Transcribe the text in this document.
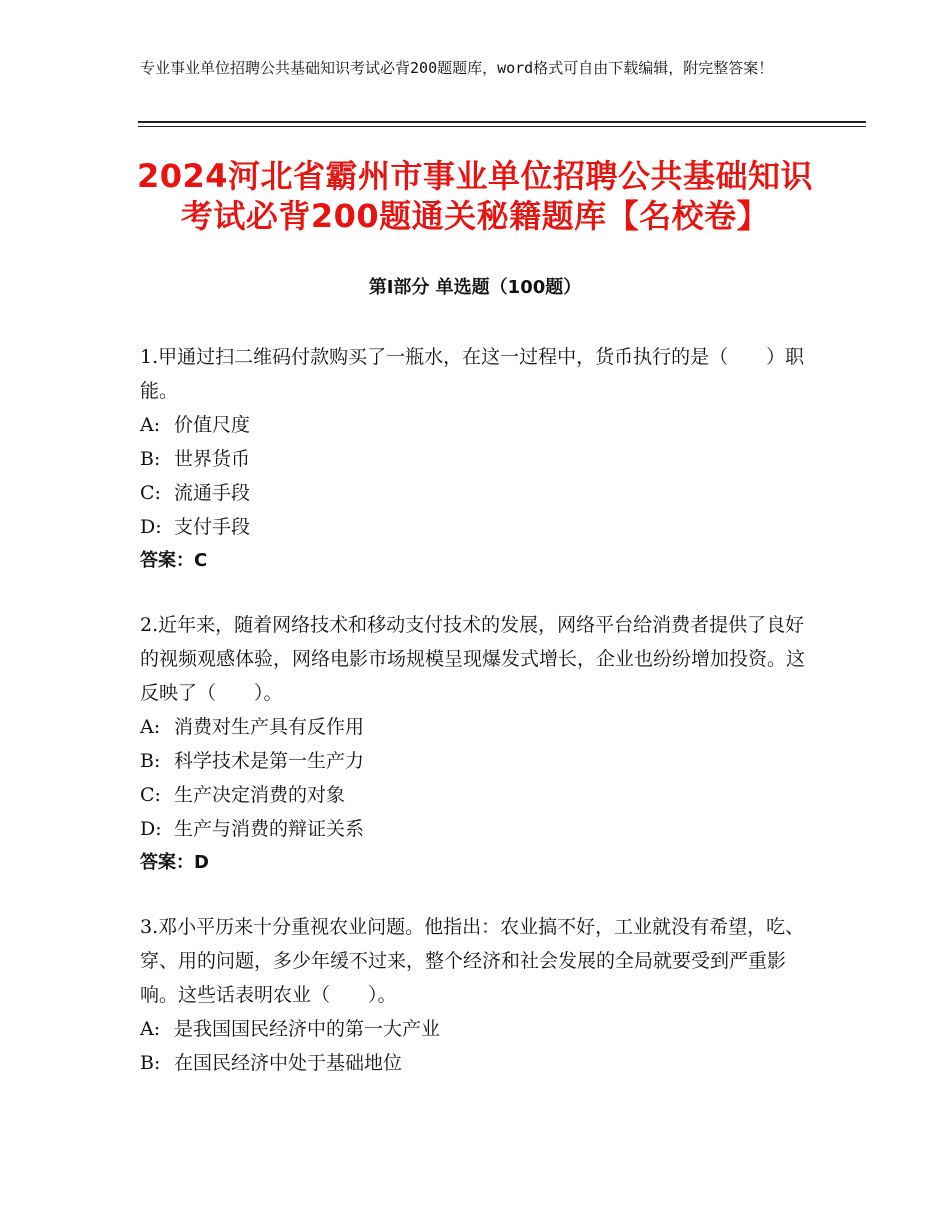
专业事业单位招聘公共基础知识考试必背200题题库，word格式可自由下载编辑，附完整答案！
2024河北省霸州市事业单位招聘公共基础知识考试必背200题通关秘籍题库【名校卷】
第Ⅰ部分 单选题（100题）
1.甲通过扫二维码付款购买了一瓶水，在这一过程中，货币执行的是（　　）职能。
A: 价值尺度
B: 世界货币
C: 流通手段
D: 支付手段
答案：C
2.近年来，随着网络技术和移动支付技术的发展，网络平台给消费者提供了良好的视频观感体验，网络电影市场规模呈现爆发式增长，企业也纷纷增加投资。这反映了（　　）。
A: 消费对生产具有反作用
B: 科学技术是第一生产力
C: 生产决定消费的对象
D: 生产与消费的辩证关系
答案：D
3.邓小平历来十分重视农业问题。他指出：农业搞不好，工业就没有希望，吃、穿、用的问题，多少年缓不过来，整个经济和社会发展的全局就要受到严重影响。这些话表明农业（　　）。
A: 是我国国民经济中的第一大产业
B: 在国民经济中处于基础地位
